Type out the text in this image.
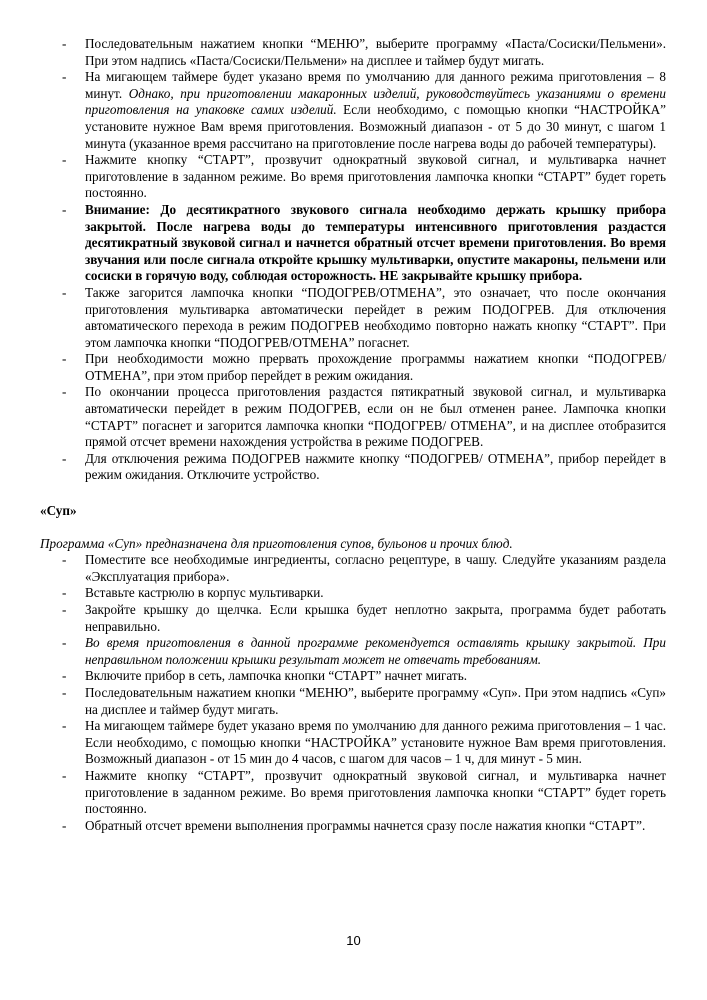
- Последовательным нажатием кнопки “МЕНЮ”, выберите программу «Паста/Сосиски/Пельмени». При этом надпись «Паста/Сосиски/Пельмени» на дисплее и таймер будут мигать.
- На мигающем таймере будет указано время по умолчанию для данного режима приготовления – 8 минут. Однако, при приготовлении макаронных изделий, руководствуйтесь указаниями о времени приготовления на упаковке самих изделий. Если необходимо, с помощью кнопки “НАСТРОЙКА” установите нужное Вам время приготовления. Возможный диапазон - от 5 до 30 минут, с шагом 1 минута (указанное время рассчитано на приготовление после нагрева воды до рабочей температуры).
- Нажмите кнопку “СТАРТ”, прозвучит однократный звуковой сигнал, и мультиварка начнет приготовление в заданном режиме. Во время приготовления лампочка кнопки “СТАРТ” будет гореть постоянно.
- Внимание: До десятикратного звукового сигнала необходимо держать крышку прибора закрытой. После нагрева воды до температуры интенсивного приготовления раздастся десятикратный звуковой сигнал и начнется обратный отсчет времени приготовления. Во время звучания или после сигнала откройте крышку мультиварки, опустите макароны, пельмени или сосиски в горячую воду, соблюдая осторожность. НЕ закрывайте крышку прибора.
- Также загорится лампочка кнопки “ПОДОГРЕВ/ОТМЕНА”, это означает, что после окончания приготовления мультиварка автоматически перейдет в режим ПОДОГРЕВ. Для отключения автоматического перехода в режим ПОДОГРЕВ необходимо повторно нажать кнопку “СТАРТ”. При этом лампочка кнопки “ПОДОГРЕВ/ОТМЕНА” погаснет.
- При необходимости можно прервать прохождение программы нажатием кнопки “ПОДОГРЕВ/ ОТМЕНА”, при этом прибор перейдет в режим ожидания.
- По окончании процесса приготовления раздастся пятикратный звуковой сигнал, и мультиварка автоматически перейдет в режим ПОДОГРЕВ, если он не был отменен ранее. Лампочка кнопки “СТАРТ” погаснет и загорится лампочка кнопки “ПОДОГРЕВ/ ОТМЕНА”, и на дисплее отобразится прямой отсчет времени нахождения устройства в режиме ПОДОГРЕВ.
- Для отключения режима ПОДОГРЕВ нажмите кнопку “ПОДОГРЕВ/ ОТМЕНА”, прибор перейдет в режим ожидания. Отключите устройство.
«Суп»
Программа «Суп» предназначена для приготовления супов, бульонов и прочих блюд.
- Поместите все необходимые ингредиенты, согласно рецептуре, в чашу. Следуйте указаниям раздела «Эксплуатация прибора».
- Вставьте кастрюлю в корпус мультиварки.
- Закройте крышку до щелчка. Если крышка будет неплотно закрыта, программа будет работать неправильно.
- Во время приготовления в данной программе рекомендуется оставлять крышку закрытой. При неправильном положении крышки результат может не отвечать требованиям.
- Включите прибор в сеть, лампочка кнопки “СТАРТ” начнет мигать.
- Последовательным нажатием кнопки “МЕНЮ”, выберите программу «Суп». При этом надпись «Суп» на дисплее и таймер будут мигать.
- На мигающем таймере будет указано время по умолчанию для данного режима приготовления – 1 час. Если необходимо, с помощью кнопки “НАСТРОЙКА” установите нужное Вам время приготовления. Возможный диапазон - от 15 мин до 4 часов, с шагом для часов – 1 ч, для минут - 5 мин.
- Нажмите кнопку “СТАРТ”, прозвучит однократный звуковой сигнал, и мультиварка начнет приготовление в заданном режиме. Во время приготовления лампочка кнопки “СТАРТ” будет гореть постоянно.
- Обратный отсчет времени выполнения программы начнется сразу после нажатия кнопки “СТАРТ”.
10
